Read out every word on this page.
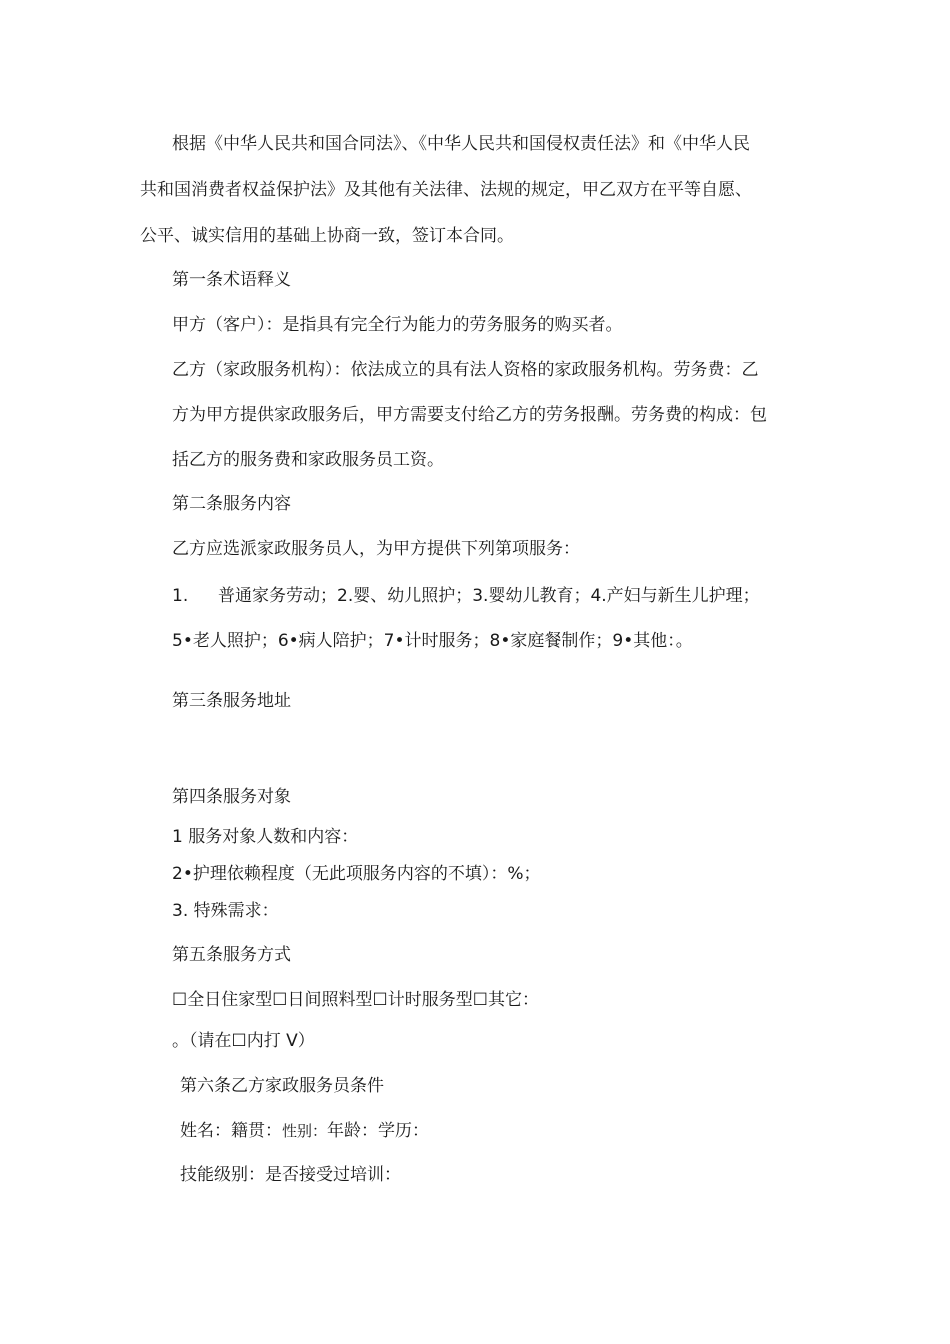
根据《中华人民共和国合同法》、《中华人民共和国侵权责任法》和《中华人民
共和国消费者权益保护法》及其他有关法律、法规的规定，甲乙双方在平等自愿、
公平、诚实信用的基础上协商一致，签订本合同。
第一条术语释义
甲方（客户）：是指具有完全行为能力的劳务服务的购买者。
乙方（家政服务机构）：依法成立的具有法人资格的家政服务机构。劳务费：乙
方为甲方提供家政服务后，甲方需要支付给乙方的劳务报酬。劳务费的构成：包
括乙方的服务费和家政服务员工资。
第二条服务内容
乙方应选派家政服务员人，为甲方提供下列第项服务：
1. 普通家务劳动；2.婴、幼儿照护；3.婴幼儿教育；4.产妇与新生儿护理；
5•老人照护；6•病人陪护；7•计时服务；8•家庭餐制作；9•其他：。
第三条服务地址
第四条服务对象
1 服务对象人数和内容：
2•护理依赖程度（无此项服务内容的不填）：%；
3. 特殊需求：
第五条服务方式
☐全日住家型☐日间照料型☐计时服务型☐其它：
。（请在☐内打 V）
第六条乙方家政服务员条件
姓名：籍贯：性别：年龄：学历：
技能级别：是否接受过培训：
